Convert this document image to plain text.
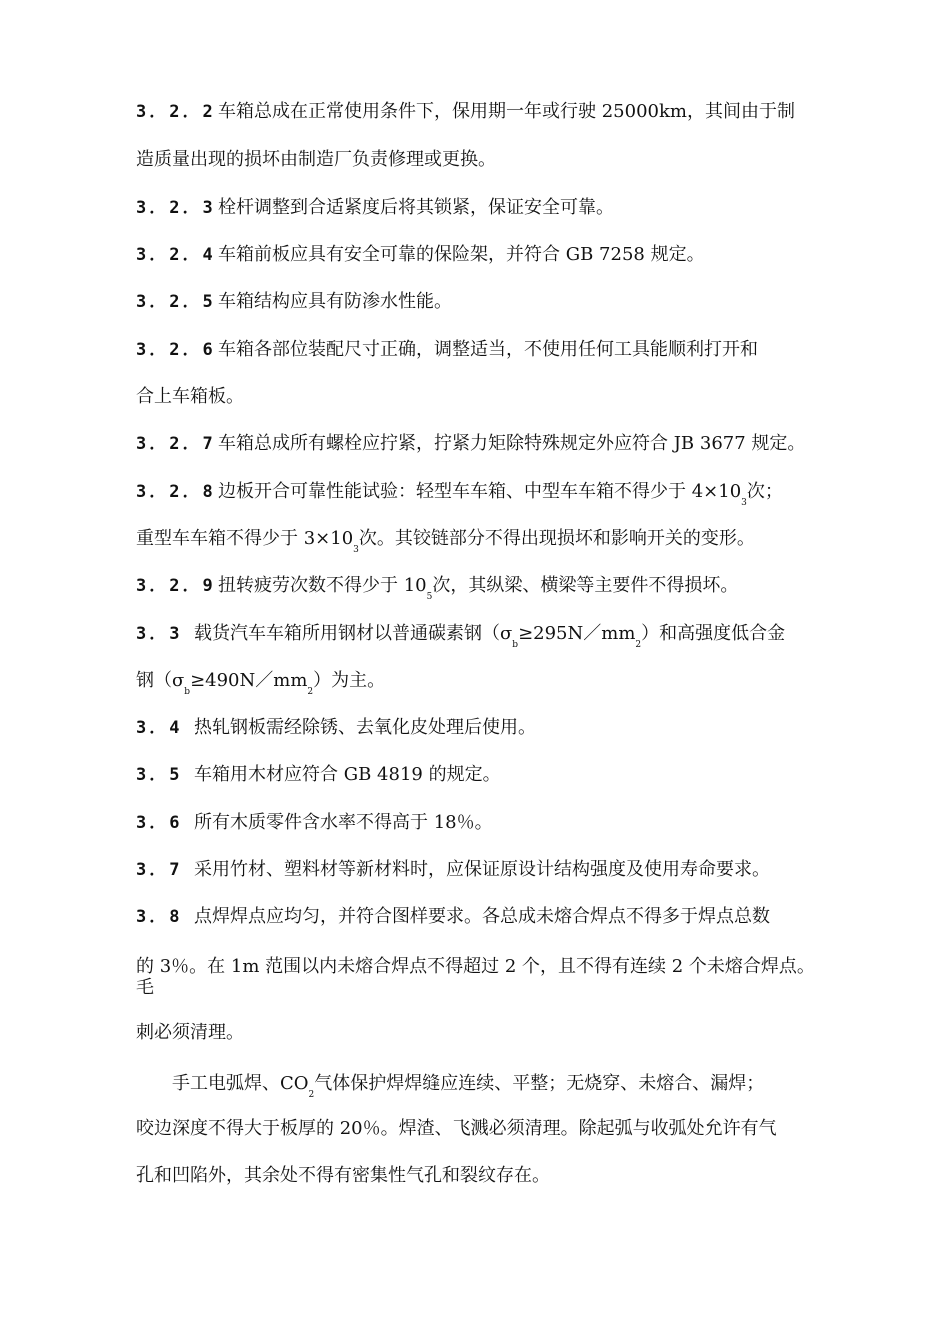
3．2．2 车箱总成在正常使用条件下，保用期一年或行驶 25000km，其间由于制
造质量出现的损坏由制造厂负责修理或更换。
3．2．3 栓杆调整到合适紧度后将其锁紧，保证安全可靠。
3．2．4 车箱前板应具有安全可靠的保险架，并符合 GB 7258 规定。
3．2．5 车箱结构应具有防渗水性能。
3．2．6 车箱各部位装配尺寸正确，调整适当，不使用任何工具能顺利打开和
合上车箱板。
3．2．7 车箱总成所有螺栓应拧紧，拧紧力矩除特殊规定外应符合 JB 3677 规定。
3．2．8 边板开合可靠性能试验：轻型车车箱、中型车车箱不得少于 $4\times 10_3$次；
重型车车箱不得少于 $3\times 10_3$次。其铰链部分不得出现损坏和影响开关的变形。
3．2．9 扭转疲劳次数不得少于 $10_5$次，其纵梁、横梁等主要件不得损坏。
3．3 载货汽车车箱所用钢材以普通碳素钢$(\sigma_b\ge 295N/mm_2)$和高强度低合金
钢$(\sigma_b\ge 490N/mm_2)$为主。
3．4 热轧钢板需经除锈、去氧化皮处理后使用。
3．5 车箱用木材应符合 GB 4819 的规定。
3．6 所有木质零件含水率不得高于 18％。
3．7 采用竹材、塑料材等新材料时，应保证原设计结构强度及使用寿命要求。
3．8 点焊焊点应均匀，并符合图样要求。各总成未熔合焊点不得多于焊点总数
的 3％。在 1m 范围以内未熔合焊点不得超过 2 个，且不得有连续 2 个未熔合焊点。
毛
刺必须清理。
手工电弧焊、$CO_2$气体保护焊焊缝应连续、平整；无烧穿、未熔合、漏焊；
咬边深度不得大于板厚的 20％。焊渣、飞溅必须清理。除起弧与收弧处允许有气
孔和凹陷外，其余处不得有密集性气孔和裂纹存在。
